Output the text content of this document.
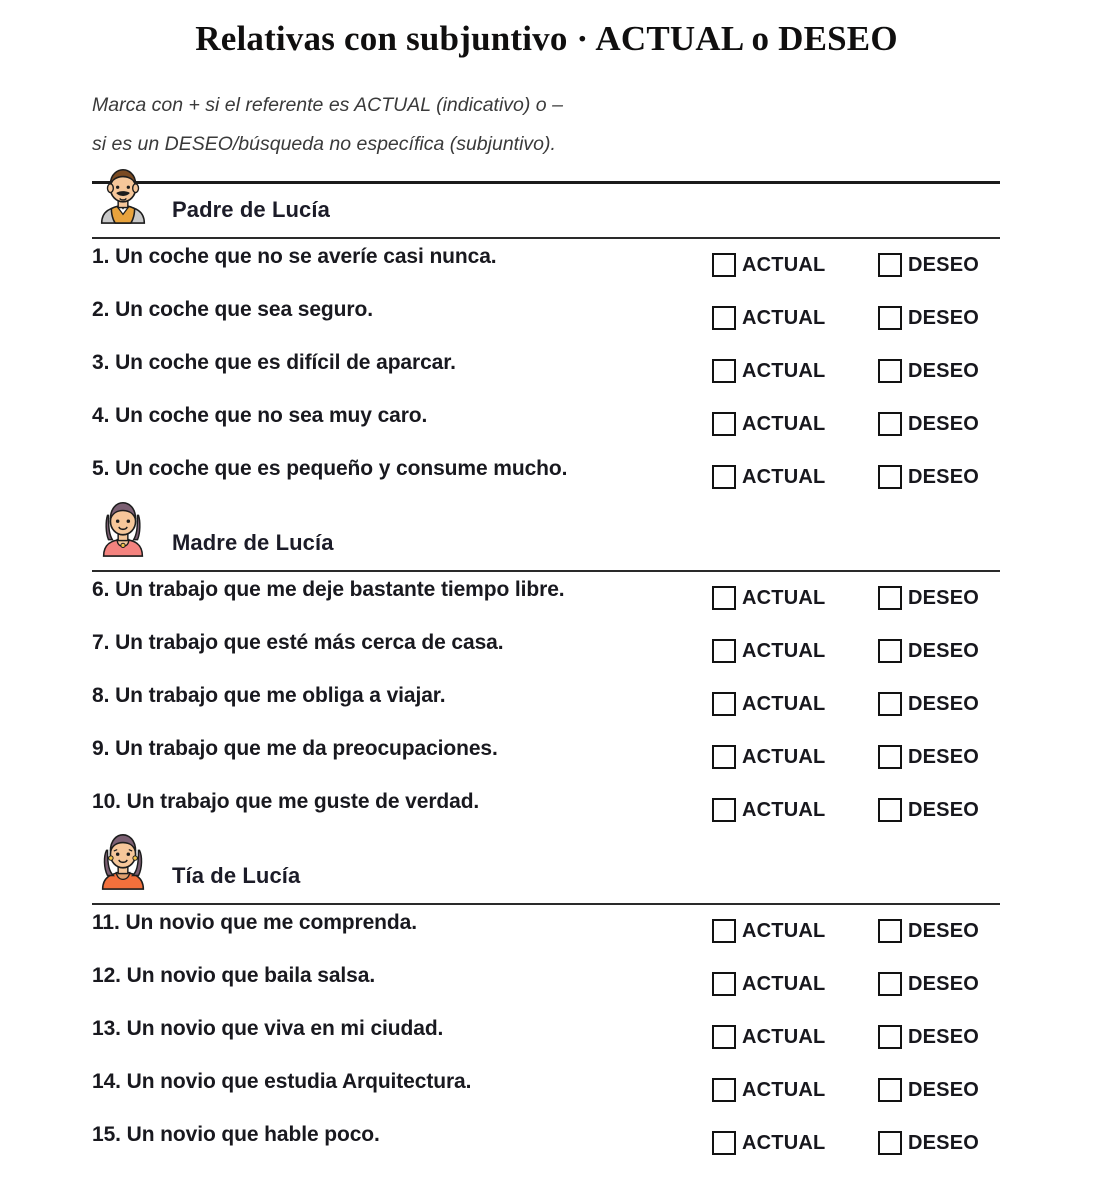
Relativas con subjuntivo · ACTUAL o DESEO

Marca con + si el referente es ACTUAL (indicativo) o –

si es un DESEO/búsqueda no específica (subjuntivo).

Padre de Lucía
1. Un coche que no se averíe casi nunca.	ACTUAL	DESEO
2. Un coche que sea seguro.	ACTUAL	DESEO
3. Un coche que es difícil de aparcar.	ACTUAL	DESEO
4. Un coche que no sea muy caro.	ACTUAL	DESEO
5. Un coche que es pequeño y consume mucho.	ACTUAL	DESEO
Madre de Lucía
6. Un trabajo que me deje bastante tiempo libre.	ACTUAL	DESEO
7. Un trabajo que esté más cerca de casa.	ACTUAL	DESEO
8. Un trabajo que me obliga a viajar.	ACTUAL	DESEO
9. Un trabajo que me da preocupaciones.	ACTUAL	DESEO
10. Un trabajo que me guste de verdad.	ACTUAL	DESEO
Tía de Lucía
11. Un novio que me comprenda.	ACTUAL	DESEO
12. Un novio que baila salsa.	ACTUAL	DESEO
13. Un novio que viva en mi ciudad.	ACTUAL	DESEO
14. Un novio que estudia Arquitectura.	ACTUAL	DESEO
15. Un novio que hable poco.	ACTUAL	DESEO
